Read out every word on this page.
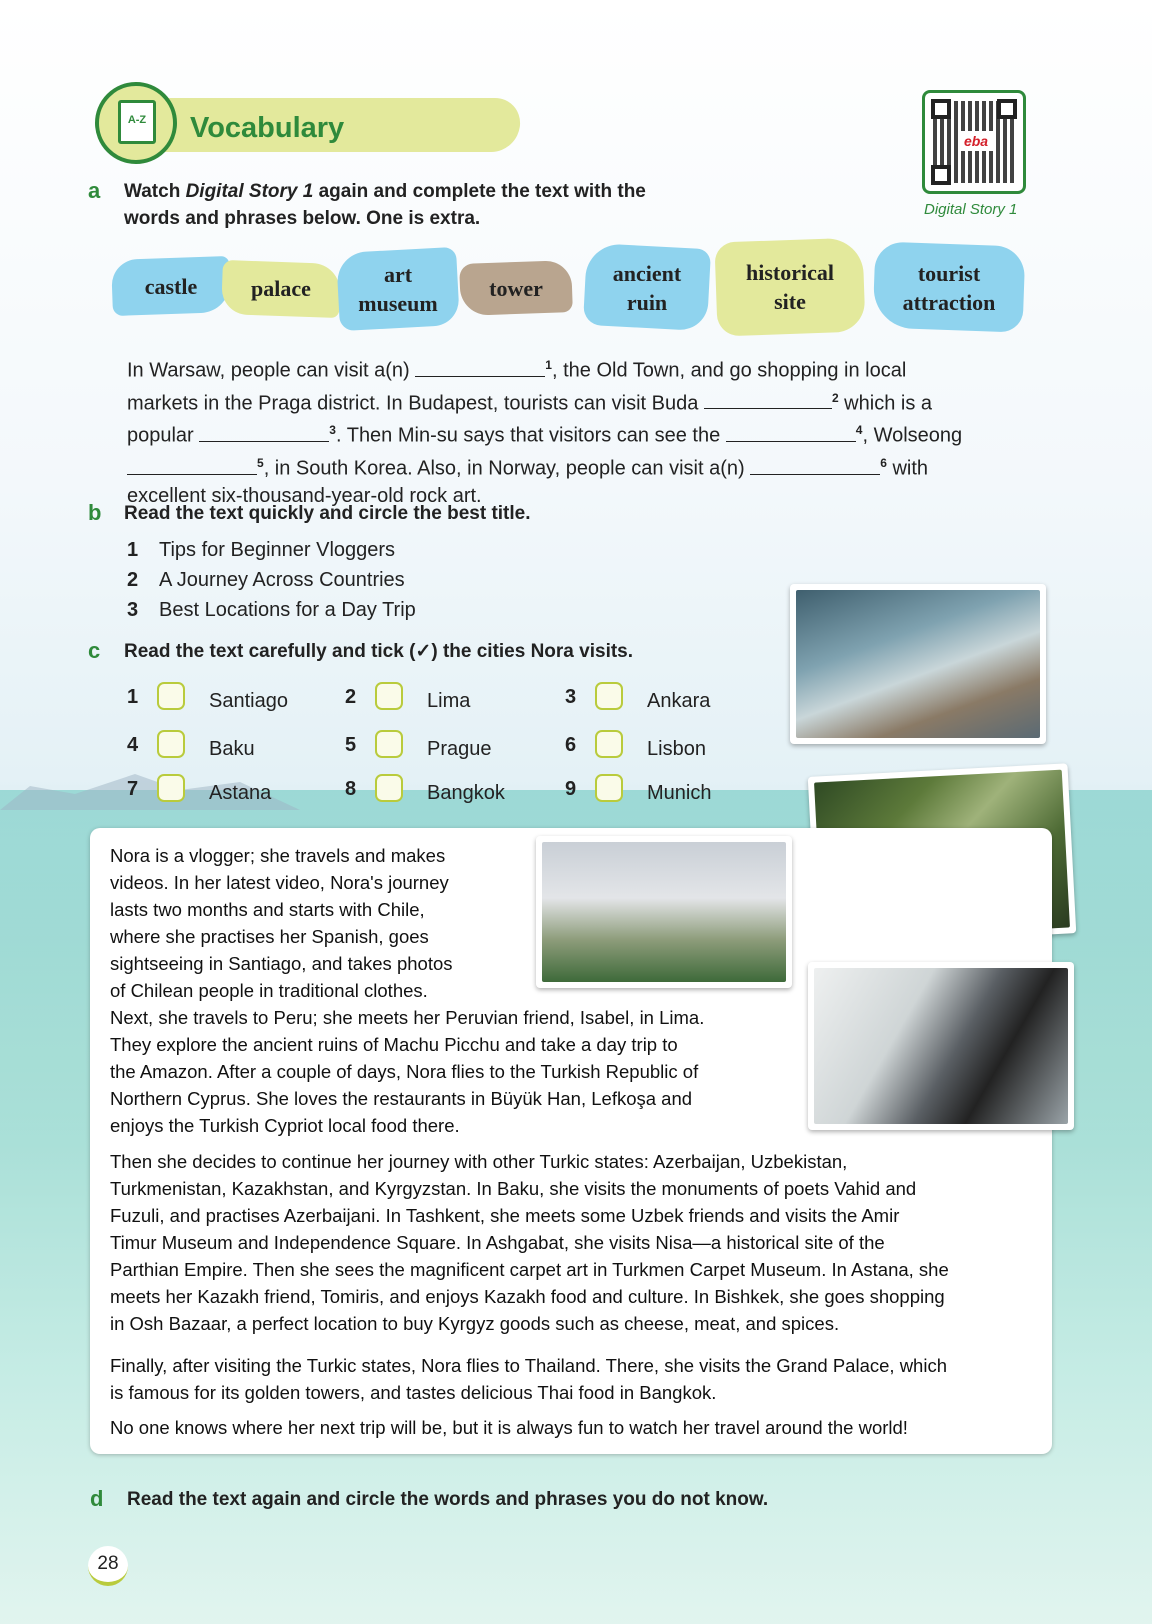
A-Z	Vocabulary	eba
Digital Story 1
a Watch Digital Story 1 again and complete the text with the
words and phrases below. One is extra.
castle palace
art
museum
tower
ancient
ruin
historical
site
tourist
attraction
In Warsaw, people can visit a(n)	$^1$, the Old Town, and go shopping in local
markets in the Praga district. In Budapest, tourists can visit Buda	$^2$ which is a
popular	$^3$. Then Min-su says that visitors can see the	$^4$, Wolseong
$^5$, in South Korea. Also, in Norway, people can visit a(n)	$^6$ with
excellent six-thousand-year-old rock art.
b Read the text quickly and circle the best title.
1 Tips for Beginner Vloggers
2 A Journey Across Countries
3 Best Locations for a Day Trip
c Read the text carefully and tick (✓) the cities Nora visits.
1	Santiago	2	Lima	3	Ankara
4	Baku	5	Prague	6	Lisbon
7	Astana	8	Bangkok	9	Munich
Nora is a vlogger; she travels and makes
videos. In her latest video, Nora's journey
lasts two months and starts with Chile,
where she practises her Spanish, goes
sightseeing in Santiago, and takes photos
of Chilean people in traditional clothes.
Next, she travels to Peru; she meets her Peruvian friend, Isabel, in Lima.
They explore the ancient ruins of Machu Picchu and take a day trip to
the Amazon. After a couple of days, Nora flies to the Turkish Republic of
Northern Cyprus. She loves the restaurants in Büyük Han, Lefkoşa and
enjoys the Turkish Cypriot local food there.
Then she decides to continue her journey with other Turkic states: Azerbaijan, Uzbekistan,
Turkmenistan, Kazakhstan, and Kyrgyzstan. In Baku, she visits the monuments of poets Vahid and
Fuzuli, and practises Azerbaijani. In Tashkent, she meets some Uzbek friends and visits the Amir
Timur Museum and Independence Square. In Ashgabat, she visits Nisa—a historical site of the
Parthian Empire. Then she sees the magnificent carpet art in Turkmen Carpet Museum. In Astana, she
meets her Kazakh friend, Tomiris, and enjoys Kazakh food and culture. In Bishkek, she goes shopping
in Osh Bazaar, a perfect location to buy Kyrgyz goods such as cheese, meat, and spices.
Finally, after visiting the Turkic states, Nora flies to Thailand. There, she visits the Grand Palace, which
is famous for its golden towers, and tastes delicious Thai food in Bangkok.
No one knows where her next trip will be, but it is always fun to watch her travel around the world!
d Read the text again and circle the words and phrases you do not know.
28
